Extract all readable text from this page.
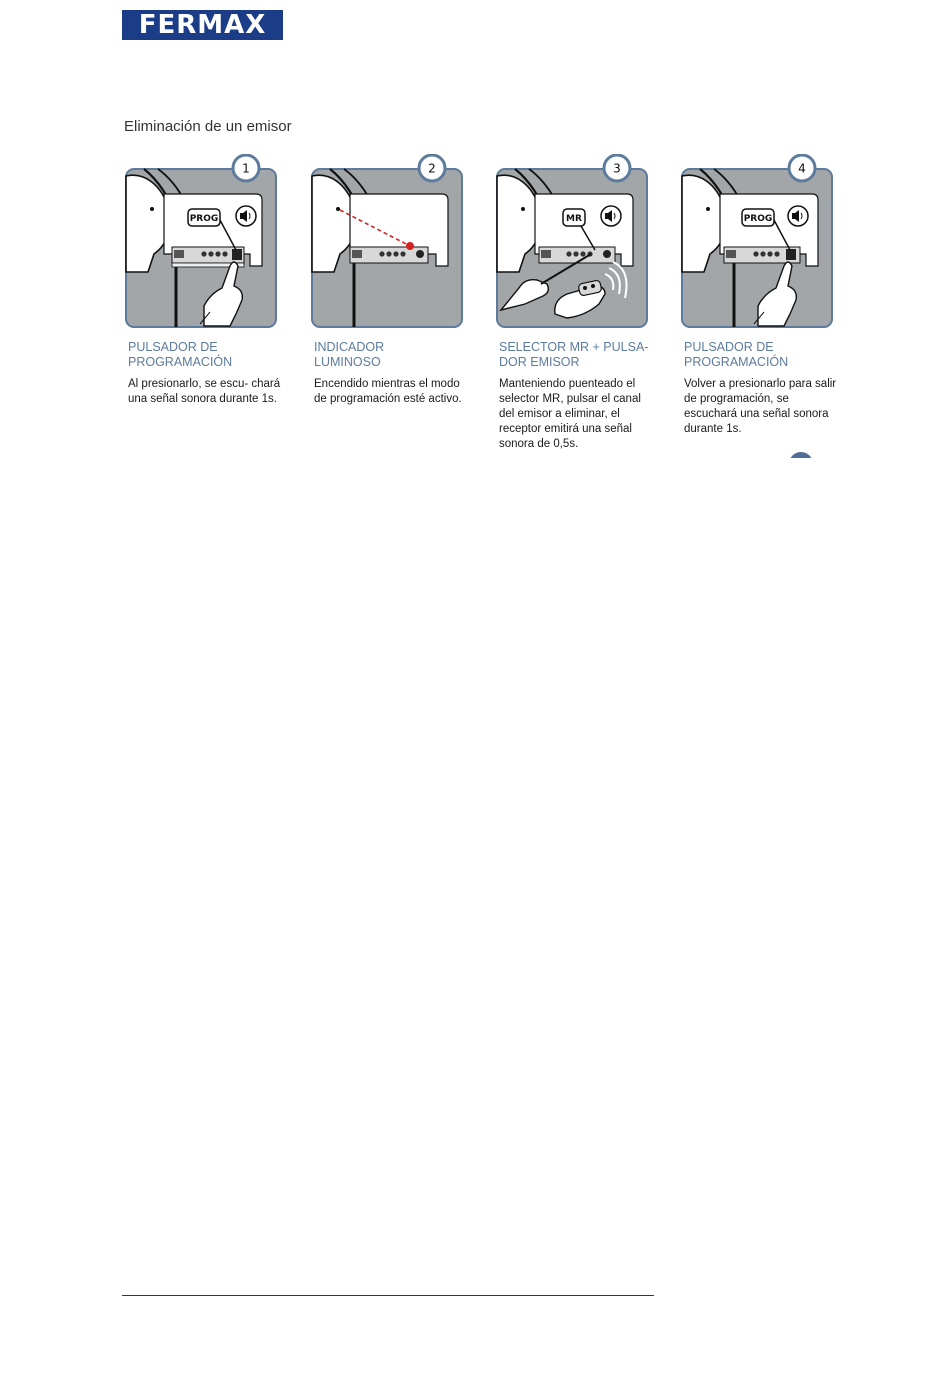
FERMAX
Eliminación de un emisor
PROG
1
PULSADOR DE
PROGRAMACIÓN
Al presionarlo, se escu- chará una señal sonora durante 1s.
2
INDICADOR
LUMINOSO
Encendido mientras el modo de programación esté activo.
MR
3
SELECTOR MR + PULSA-
DOR EMISOR
Manteniendo puenteado el selector MR, pulsar el canal del emisor a eliminar, el receptor emitirá una señal sonora de 0,5s.
PROG
4
PULSADOR DE
PROGRAMACIÓN
Volver a presionarlo para salir de programación, se escuchará una señal sonora durante 1s.
